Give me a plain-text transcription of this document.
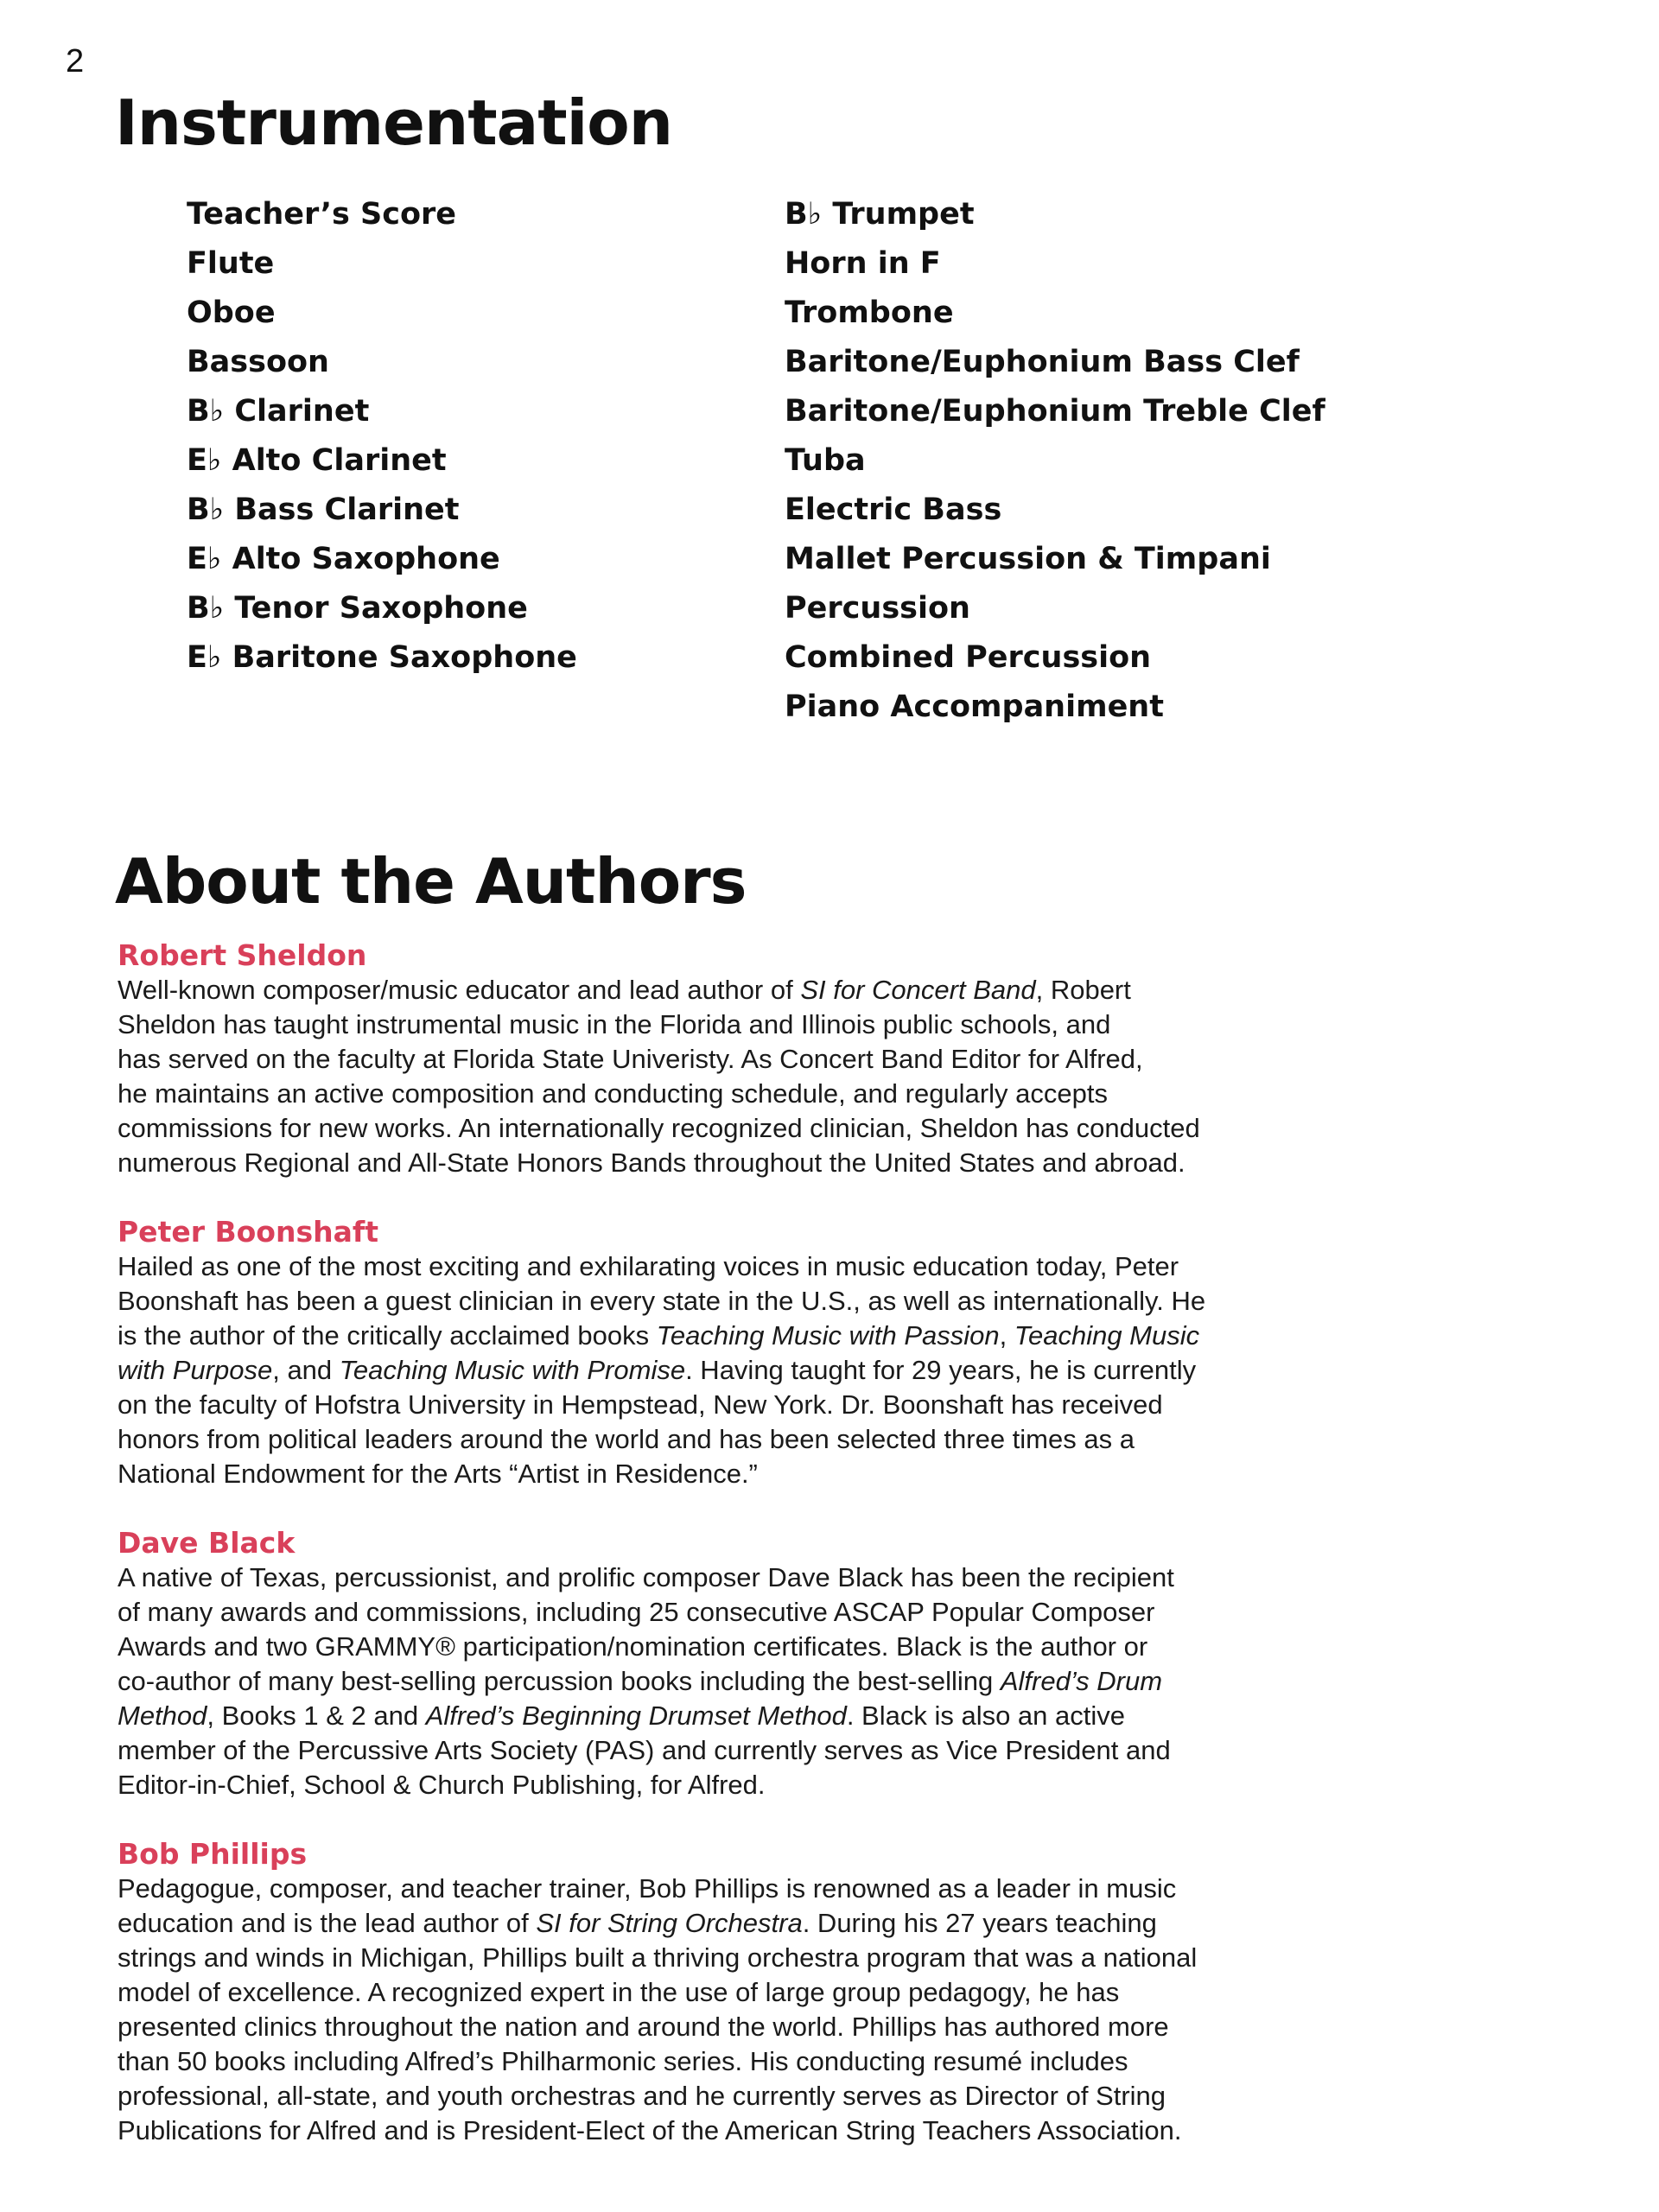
2
Instrumentation
Teacher’s Score
Flute
Oboe
Bassoon
B♭ Clarinet
E♭ Alto Clarinet
B♭ Bass Clarinet
E♭ Alto Saxophone
B♭ Tenor Saxophone
E♭ Baritone Saxophone
B♭ Trumpet
Horn in F
Trombone
Baritone/Euphonium Bass Clef
Baritone/Euphonium Treble Clef
Tuba
Electric Bass
Mallet Percussion & Timpani
Percussion
Combined Percussion
Piano Accompaniment
About the Authors
Robert Sheldon

Well-known composer/music educator and lead author of SI for Concert Band, Robert
Sheldon has taught instrumental music in the Florida and Illinois public schools, and
has served on the faculty at Florida State Univeristy. As Concert Band Editor for Alfred,
he maintains an active composition and conducting schedule, and regularly accepts
commissions for new works. An internationally recognized clinician, Sheldon has conducted
numerous Regional and All-State Honors Bands throughout the United States and abroad.

Peter Boonshaft

Hailed as one of the most exciting and exhilarating voices in music education today, Peter
Boonshaft has been a guest clinician in every state in the U.S., as well as internationally. He
is the author of the critically acclaimed books Teaching Music with Passion, Teaching Music
with Purpose, and Teaching Music with Promise. Having taught for 29 years, he is currently
on the faculty of Hofstra University in Hempstead, New York. Dr. Boonshaft has received
honors from political leaders around the world and has been selected three times as a
National Endowment for the Arts “Artist in Residence.”

Dave Black

A native of Texas, percussionist, and prolific composer Dave Black has been the recipient
of many awards and commissions, including 25 consecutive ASCAP Popular Composer
Awards and two GRAMMY® participation/nomination certificates. Black is the author or
co-author of many best-selling percussion books including the best-selling Alfred’s Drum
Method, Books 1 & 2 and Alfred’s Beginning Drumset Method. Black is also an active
member of the Percussive Arts Society (PAS) and currently serves as Vice President and
Editor-in-Chief, School & Church Publishing, for Alfred.

Bob Phillips

Pedagogue, composer, and teacher trainer, Bob Phillips is renowned as a leader in music
education and is the lead author of SI for String Orchestra. During his 27 years teaching
strings and winds in Michigan, Phillips built a thriving orchestra program that was a national
model of excellence. A recognized expert in the use of large group pedagogy, he has
presented clinics throughout the nation and around the world. Phillips has authored more
than 50 books including Alfred’s Philharmonic series. His conducting resumé includes
professional, all-state, and youth orchestras and he currently serves as Director of String
Publications for Alfred and is President-Elect of the American String Teachers Association.
